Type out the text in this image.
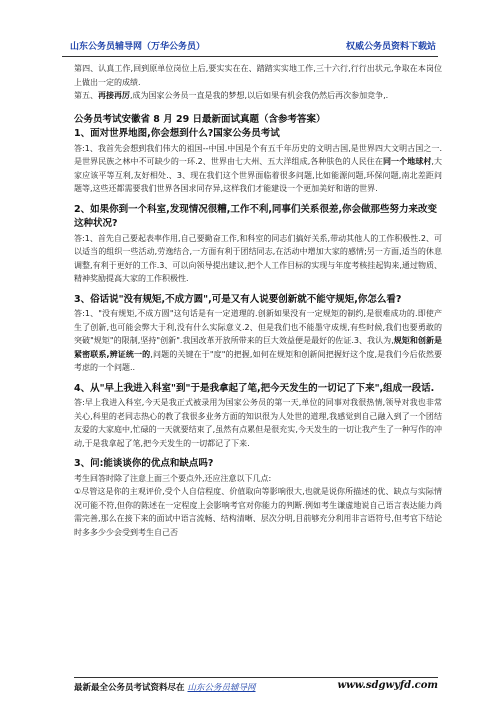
山东公务员辅导网（万华公务员）	权威公务员资料下载站

第四、认真工作,回到原单位岗位上后,要实实在在、踏踏实实地工作,三十六行,行行出状元,争取在本岗位上做出一定的成绩.

第五、再接再厉,成为国家公务员一直是我的梦想,以后如果有机会我仍然后再次参加竞争,.

公务员考试安徽省 8 月 29 日最新面试真题（含参考答案）

1、面对世界地图,你会想到什么?国家公务员考试

答:1、我首先会想到我们伟大的祖国--中国.中国是个有五千年历史的文明古国,是世界四大文明古国之一.是世界民族之林中不可缺少的一环.2、世界由七大州、五大洋组成,各种肤色的人民住在同一个地球村,大家应该平等互利,友好相处.、3、现在我们这个世界面临着很多问题,比如能源问题,环保问题,南北差距问题等,这些还都需要我们世界各国求同存异,这样我们才能建设一个更加美好和谐的世界.

2、如果你到一个科室,发现情况很糟,工作不利,同事们关系很差,你会做那些努力来改变这种状况?

答:1、首先自己要起表率作用,自己要勤奋工作,和科室的同志们搞好关系,带动其他人的工作积极性.2、可以适当的组织一些活动,劳逸结合,一方面有利于团结同志,在活动中增加大家的感情;另一方面,适当的休息调整,有利于更好的工作.3、可以向领导提出建议,把个人工作目标的实现与年度考核挂起钩来,通过物质、精神奖励提高大家的工作积极性.

3、俗话说"没有规矩,不成方圆",可是又有人说要创新就不能守规矩,你怎么看?

答:1、"没有规矩,不成方圆"这句话是有一定道理的.创新如果没有一定规矩的制约,是很难成功的.即使产生了创新,也可能会弊大于利,没有什么实际意义.2、但是我们也不能墨守成规,有些时候,我们也要勇敢的突破"规矩"的限制,坚持"创新".我国改革开放所带来的巨大效益便是最好的佐证.3、我认为,规矩和创新是紧密联系,辨证统一的,问题的关键在于"度"的把握,如何在规矩和创新间把握好这个度,是我们今后依然要考虑的一个问题..

4、从"早上我进入科室"到"于是我拿起了笔,把今天发生的一切记了下来",组成一段话.

答:早上我进入科室,今天是我正式被录用为国家公务员的第一天,单位的同事对我很热情,领导对我也非常关心,科里的老同志热心的教了我很多业务方面的知识很为人处世的道理,我感觉到自己融入到了一个团结友爱的大家庭中,忙碌的一天就要结束了,虽然有点累但是很充实,今天发生的一切让我产生了一种写作的冲动,于是我拿起了笔,把今天发生的一切都记了下来.

3、问:能谈谈你的优点和缺点吗?

考生回答时除了注意上面三个要点外,还应注意以下几点:

①尽管这是你的主观评价,受个人自信程度、价值取向等影响很大,也就是说你所描述的优、缺点与实际情况可能不符,但你的陈述在一定程度上会影响考官对你能力的判断.例如考生谦虚地说自己语言表达能力尚需完善,那么在接下来的面试中语言流畅、结构清晰、层次分明,目前够充分利用非言语符号,但考官下结论时多多少少会受到考生自己否

最新最全公务员考试资料尽在 山东公务员辅导网	www.sdgwyfd.com
